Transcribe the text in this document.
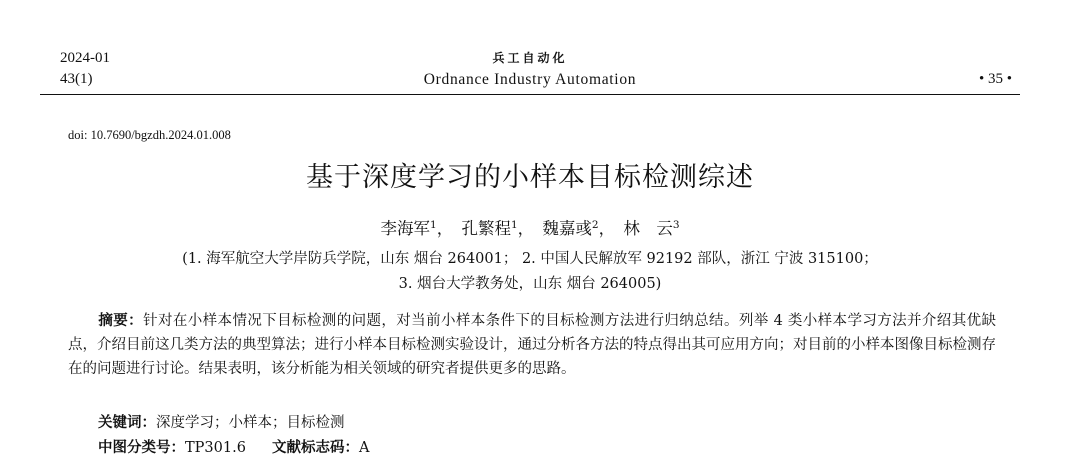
2024-01
43(1)
兵工自动化
Ordnance Industry Automation	• 35 •
doi: 10.7690/bgzdh.2024.01.008
基于深度学习的小样本目标检测综述
李海军$^1$， 孔繁程$^1$， 魏嘉彧$^2$， 林　云$^3$
(1. 海军航空大学岸防兵学院，山东 烟台 264001； 2. 中国人民解放军 92192 部队，浙江 宁波 315100；
3. 烟台大学教务处，山东 烟台 264005)
摘要：针对在小样本情况下目标检测的问题，对当前小样本条件下的目标检测方法进行归纳总结。列举 4 类小样本学习方法并介绍其优缺点，介绍目前这几类方法的典型算法；进行小样本目标检测实验设计，通过分析各方法的特点得出其可应用方向；对目前的小样本图像目标检测存在的问题进行讨论。结果表明，该分析能为相关领域的研究者提供更多的思路。
关键词：深度学习；小样本；目标检测
中图分类号：TP301.6 文献标志码：A
